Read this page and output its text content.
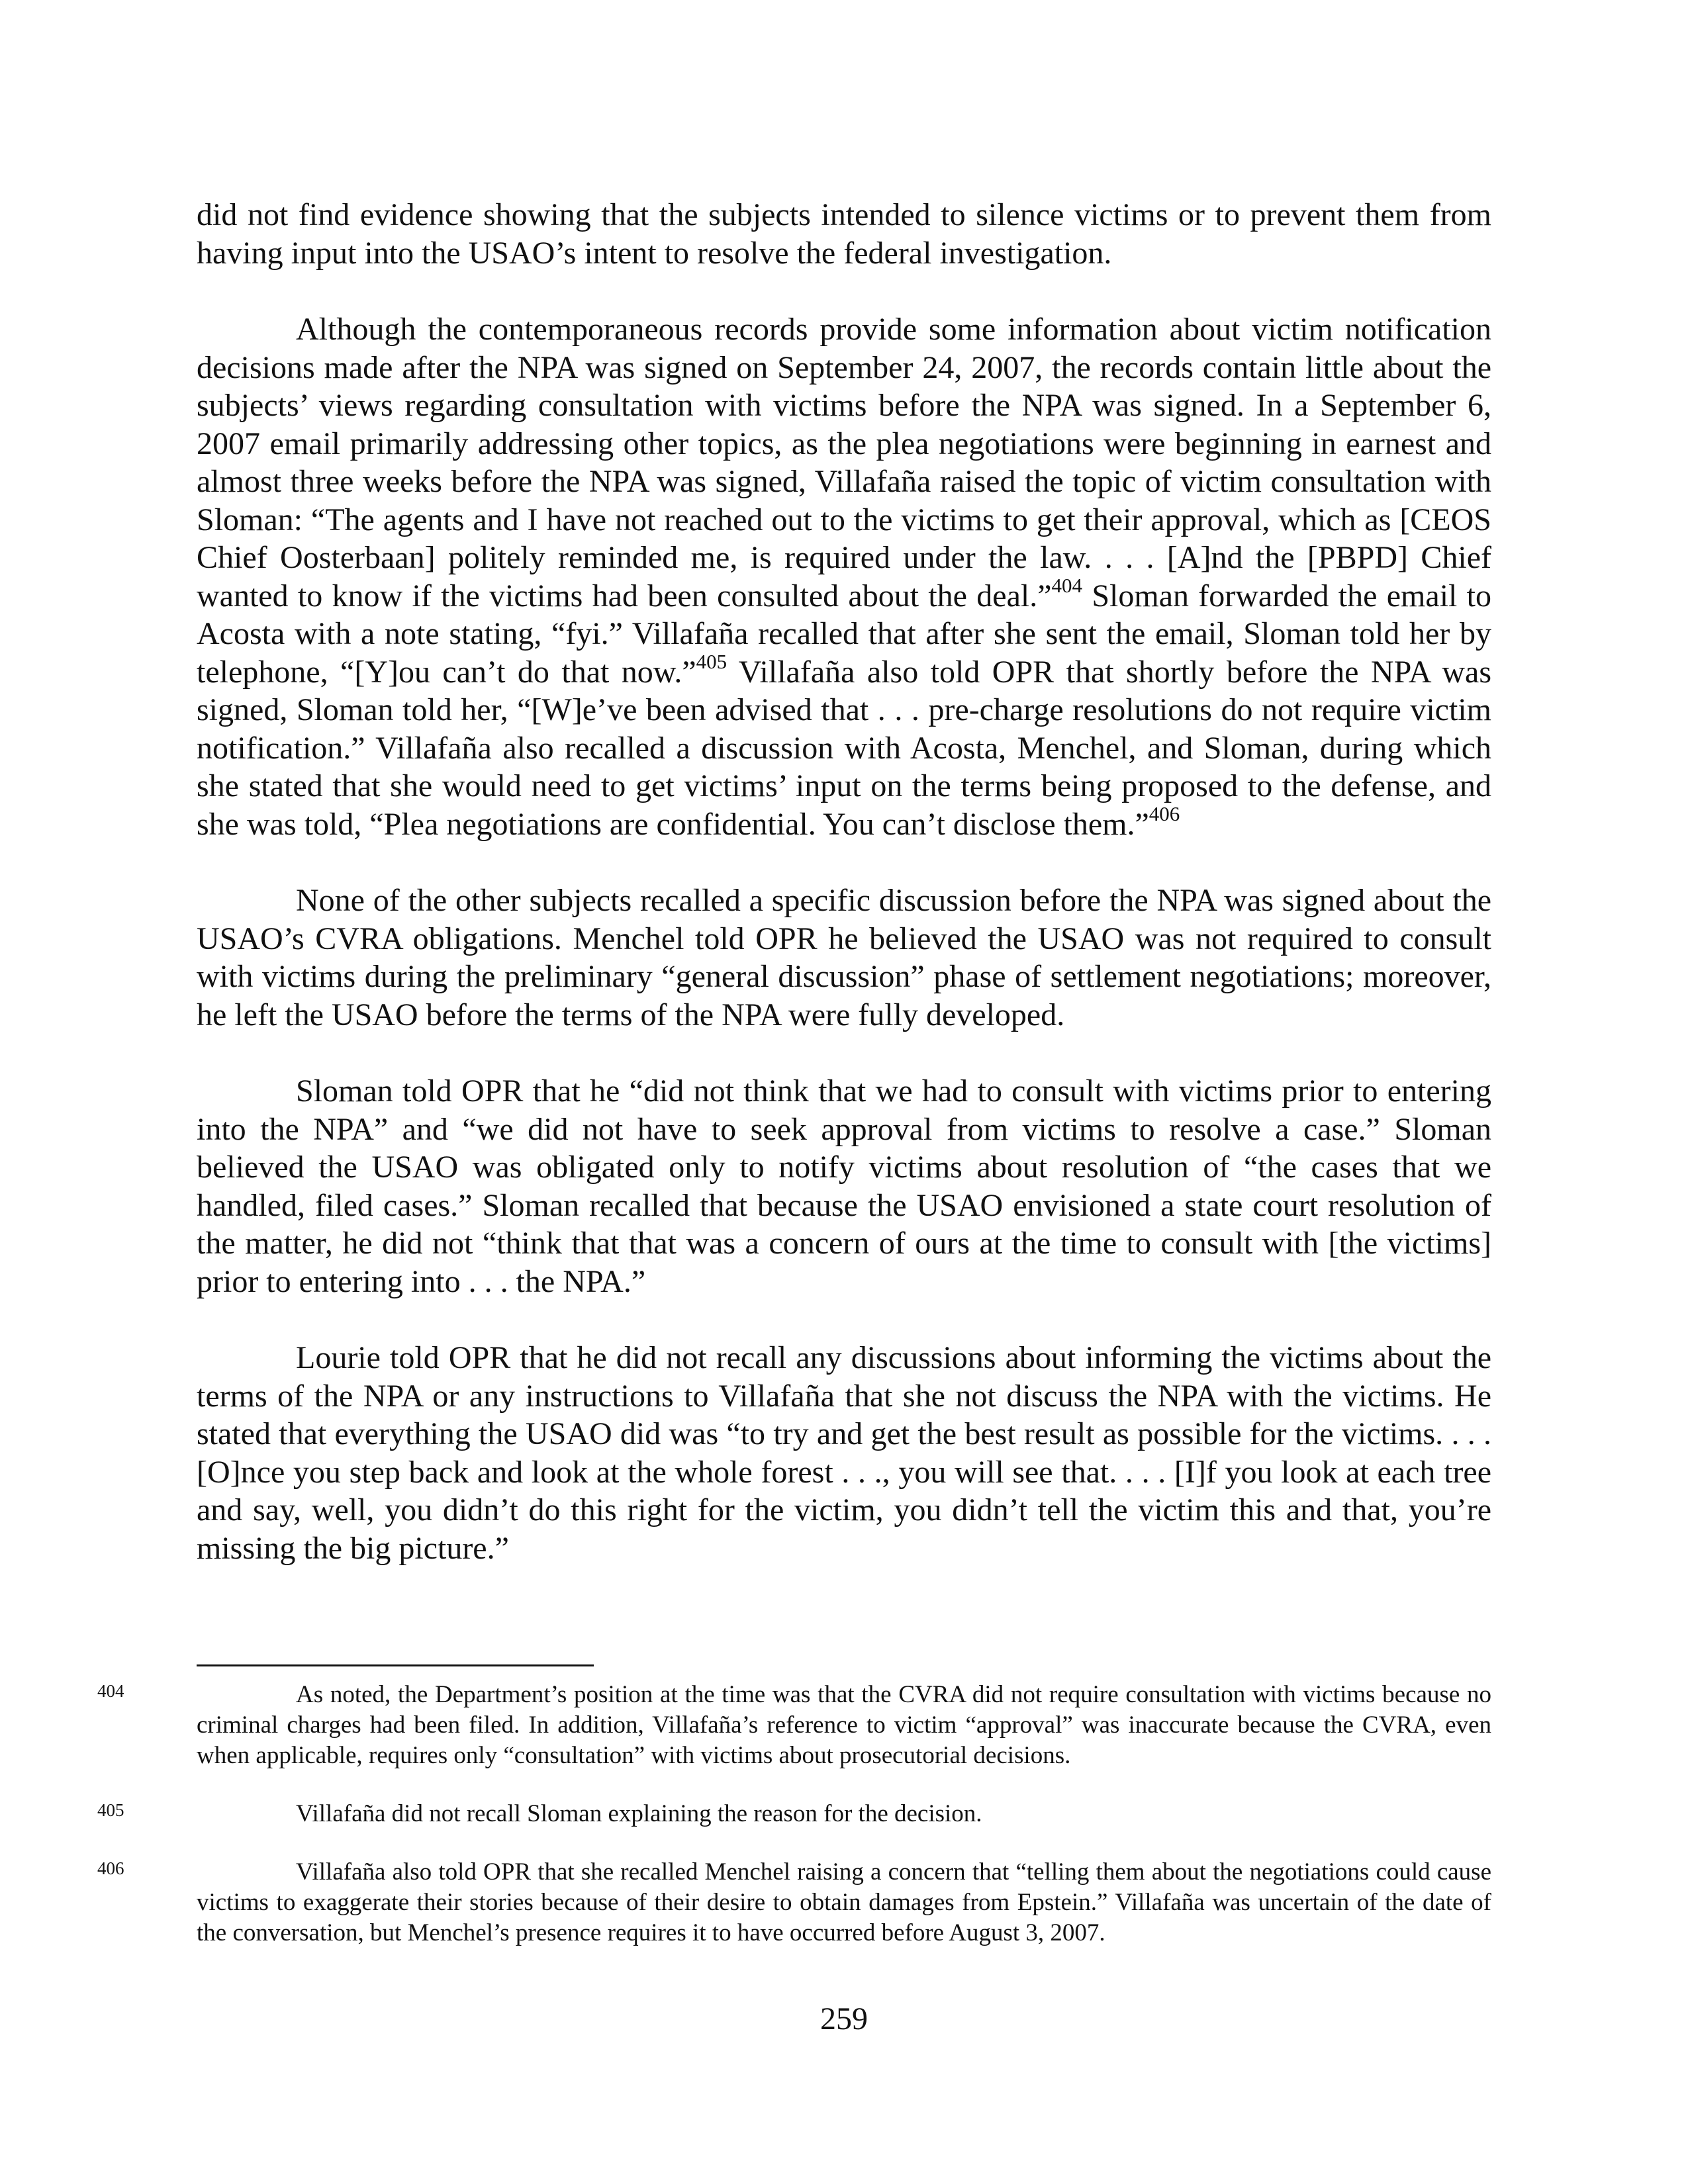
did not find evidence showing that the subjects intended to silence victims or to prevent them from having input into the USAO’s intent to resolve the federal investigation.

Although the contemporaneous records provide some information about victim notification decisions made after the NPA was signed on September 24, 2007, the records contain little about the subjects’ views regarding consultation with victims before the NPA was signed. In a September 6, 2007 email primarily addressing other topics, as the plea negotiations were beginning in earnest and almost three weeks before the NPA was signed, Villafaña raised the topic of victim consultation with Sloman: “The agents and I have not reached out to the victims to get their approval, which as [CEOS Chief Oosterbaan] politely reminded me, is required under the law. . . . [A]nd the [PBPD] Chief wanted to know if the victims had been consulted about the deal.”$^{404}$ Sloman forwarded the email to Acosta with a note stating, “fyi.” Villafaña recalled that after she sent the email, Sloman told her by telephone, “[Y]ou can’t do that now.”$^{405}$ Villafaña also told OPR that shortly before the NPA was signed, Sloman told her, “[W]e’ve been advised that . . . pre-charge resolutions do not require victim notification.” Villafaña also recalled a discussion with Acosta, Menchel, and Sloman, during which she stated that she would need to get victims’ input on the terms being proposed to the defense, and she was told, “Plea negotiations are confidential. You can’t disclose them.”$^{406}$

None of the other subjects recalled a specific discussion before the NPA was signed about the USAO’s CVRA obligations. Menchel told OPR he believed the USAO was not required to consult with victims during the preliminary “general discussion” phase of settlement negotiations; moreover, he left the USAO before the terms of the NPA were fully developed.

Sloman told OPR that he “did not think that we had to consult with victims prior to entering into the NPA” and “we did not have to seek approval from victims to resolve a case.” Sloman believed the USAO was obligated only to notify victims about resolution of “the cases that we handled, filed cases.” Sloman recalled that because the USAO envisioned a state court resolution of the matter, he did not “think that that was a concern of ours at the time to consult with [the victims] prior to entering into . . . the NPA.”

Lourie told OPR that he did not recall any discussions about informing the victims about the terms of the NPA or any instructions to Villafaña that she not discuss the NPA with the victims. He stated that everything the USAO did was “to try and get the best result as possible for the victims. . . . [O]nce you step back and look at the whole forest . . ., you will see that. . . . [I]f you look at each tree and say, well, you didn’t do this right for the victim, you didn’t tell the victim this and that, you’re missing the big picture.”

404	As noted, the Department’s position at the time was that the CVRA did not require consultation with victims because no criminal charges had been filed. In addition, Villafaña’s reference to victim “approval” was inaccurate because the CVRA, even when applicable, requires only “consultation” with victims about prosecutorial decisions.

405	Villafaña did not recall Sloman explaining the reason for the decision.

406	Villafaña also told OPR that she recalled Menchel raising a concern that “telling them about the negotiations could cause victims to exaggerate their stories because of their desire to obtain damages from Epstein.” Villafaña was uncertain of the date of the conversation, but Menchel’s presence requires it to have occurred before August 3, 2007.

259
